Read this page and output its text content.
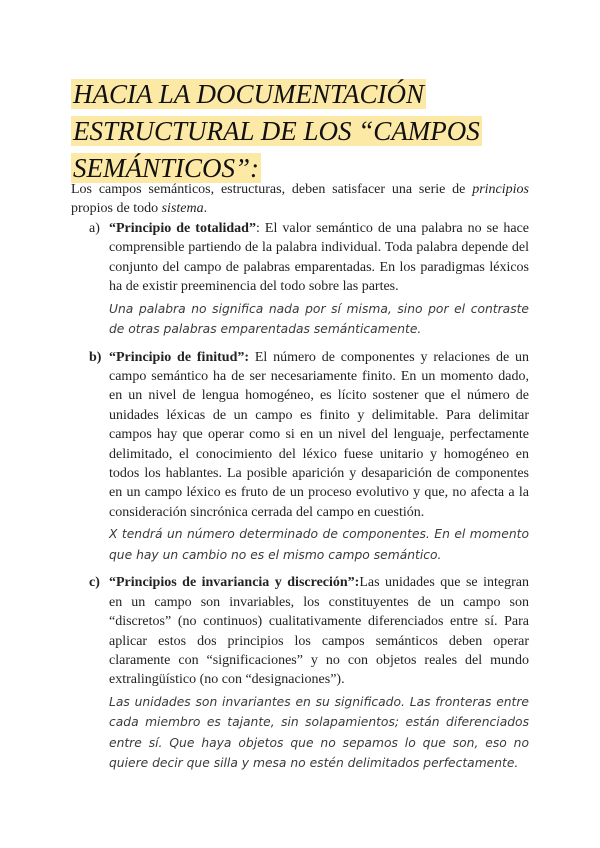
HACIA LA DOCUMENTACIÓN ESTRUCTURAL DE LOS “CAMPOS SEMÁNTICOS”:

Los campos semánticos, estructuras, deben satisfacer una serie de principios propios de todo sistema.

a) “Principio de totalidad”: El valor semántico de una palabra no se hace comprensible partiendo de la palabra individual. Toda palabra depende del conjunto del campo de palabras emparentadas. En los paradigmas léxicos ha de existir preeminencia del todo sobre las partes.

Una palabra no significa nada por sí misma, sino por el contraste de otras palabras emparentadas semánticamente.

b) “Principio de finitud”: El número de componentes y relaciones de un campo semántico ha de ser necesariamente finito. En un momento dado, en un nivel de lengua homogéneo, es lícito sostener que el número de unidades léxicas de un campo es finito y delimitable. Para delimitar campos hay que operar como si en un nivel del lenguaje, perfectamente delimitado, el conocimiento del léxico fuese unitario y homogéneo en todos los hablantes. La posible aparición y desaparición de componentes en un campo léxico es fruto de un proceso evolutivo y que, no afecta a la consideración sincrónica cerrada del campo en cuestión.

X tendrá un número determinado de componentes. En el momento que hay un cambio no es el mismo campo semántico.

c) “Principios de invariancia y discreción”:Las unidades que se integran en un campo son invariables, los constituyentes de un campo son “discretos” (no continuos) cualitativamente diferenciados entre sí. Para aplicar estos dos principios los campos semánticos deben operar claramente con “significaciones” y no con objetos reales del mundo extralingüístico (no con “designaciones”).

Las unidades son invariantes en su significado. Las fronteras entre cada miembro es tajante, sin solapamientos; están diferenciados entre sí. Que haya objetos que no sepamos lo que son, eso no quiere decir que silla y mesa no estén delimitados perfectamente.
